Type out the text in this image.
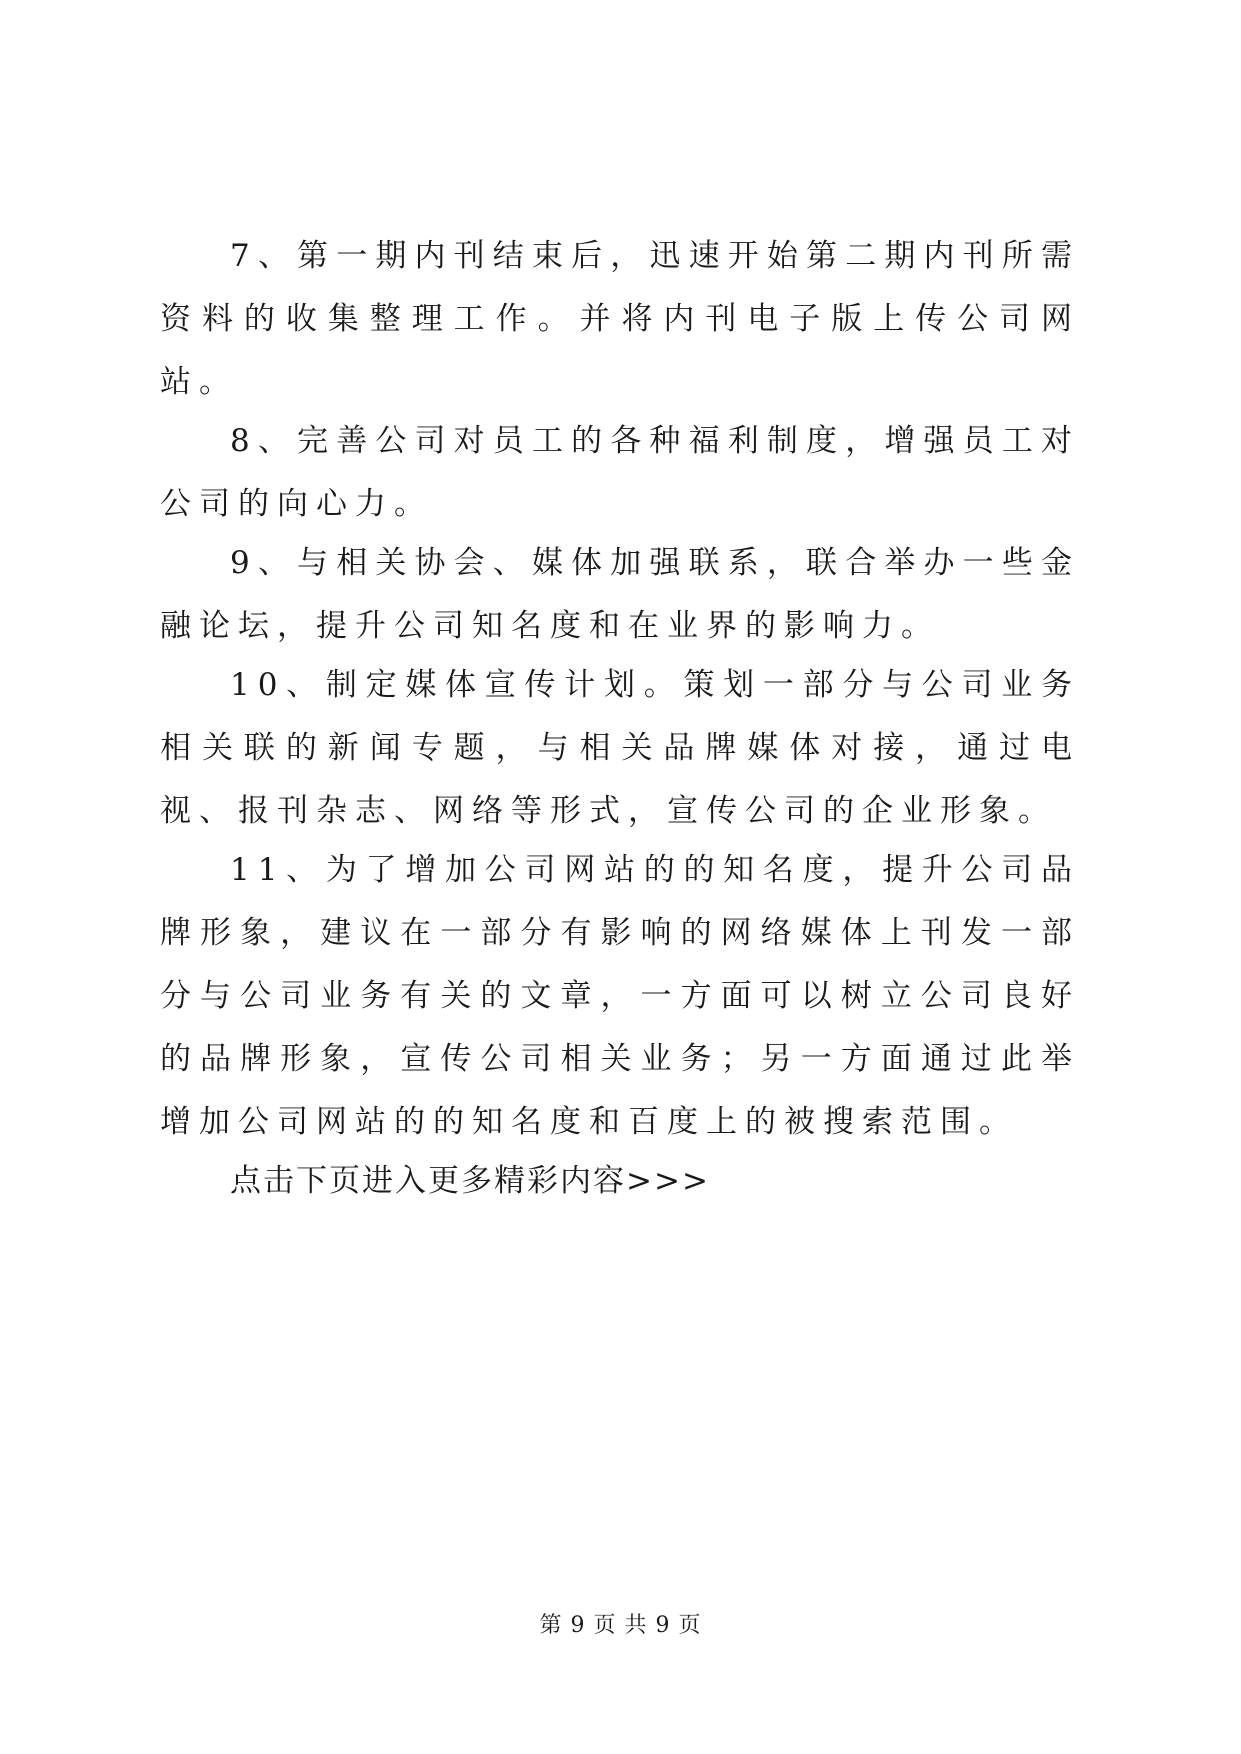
7、第一期内刊结束后，迅速开始第二期内刊所需资料的收集整理工作。并将内刊电子版上传公司网站。

8、完善公司对员工的各种福利制度，增强员工对公司的向心力。

9、与相关协会、媒体加强联系，联合举办一些金融论坛，提升公司知名度和在业界的影响力。

10、制定媒体宣传计划。策划一部分与公司业务相关联的新闻专题，与相关品牌媒体对接，通过电视、报刊杂志、网络等形式，宣传公司的企业形象。

11、为了增加公司网站的的知名度，提升公司品牌形象，建议在一部分有影响的网络媒体上刊发一部分与公司业务有关的文章，一方面可以树立公司良好的品牌形象，宣传公司相关业务；另一方面通过此举增加公司网站的的知名度和百度上的被搜索范围。

点击下页进入更多精彩内容>>>

第 9 页 共 9 页
